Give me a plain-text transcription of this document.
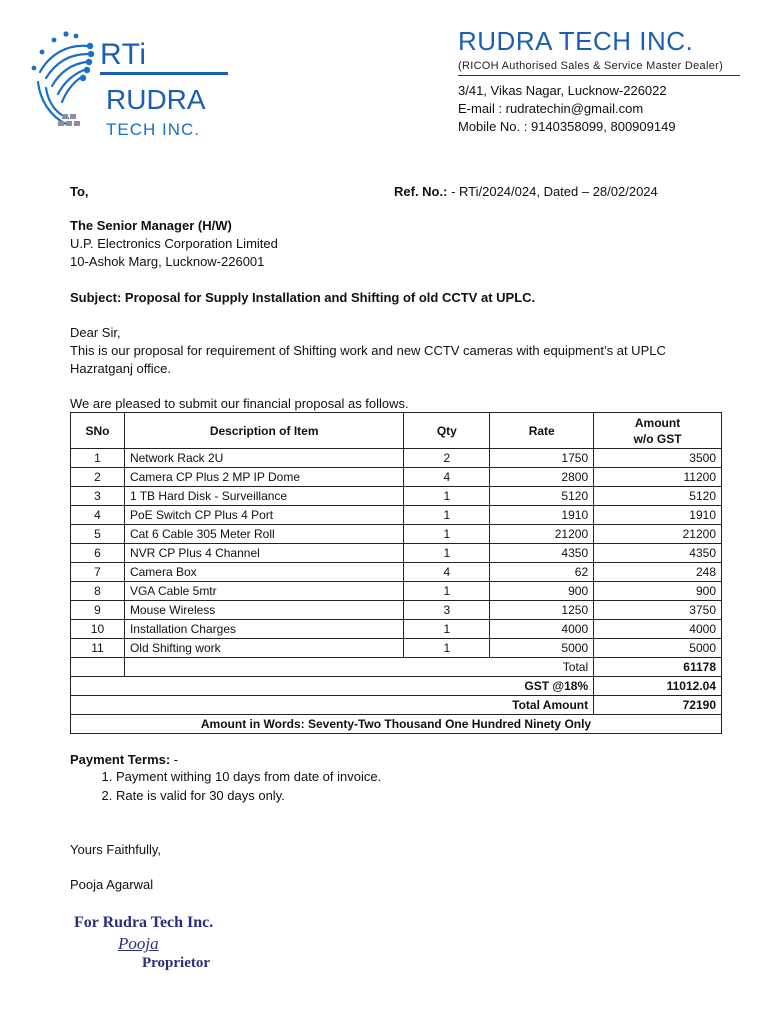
RTi
RUDRA
TECH INC.
RUDRA TECH INC.
(RICOH Authorised Sales & Service Master Dealer)
3/41, Vikas Nagar, Lucknow-226022
E-mail : rudratechin@gmail.com
Mobile No. : 9140358099, 800909149
To,	Ref. No.: - RTi/2024/024, Dated – 28/02/2024
The Senior Manager (H/W)
U.P. Electronics Corporation Limited
10-Ashok Marg, Lucknow-226001
Subject: Proposal for Supply Installation and Shifting of old CCTV at UPLC.
Dear Sir,
This is our proposal for requirement of Shifting work and new CCTV cameras with equipment’s at UPLC
Hazratganj office.
We are pleased to submit our financial proposal as follows.
SNo	Description of Item	Qty	Rate	Amount
w/o GST

1	Network Rack 2U	2	1750	3500
2	Camera CP Plus 2 MP IP Dome	4	2800	11200
3	1 TB Hard Disk - Surveillance	1	5120	5120
4	PoE Switch CP Plus 4 Port	1	1910	1910
5	Cat 6 Cable 305 Meter Roll	1	21200	21200
6	NVR CP Plus 4 Channel	1	4350	4350
7	Camera Box	4	62	248
8	VGA Cable 5mtr	1	900	900
9	Mouse Wireless	3	1250	3750
10	Installation Charges	1	4000	4000
11	Old Shifting work	1	5000	5000
	Total			61178
GST @18%				11012.04
Total Amount				72190
Amount in Words: Seventy-Two Thousand One Hundred Ninety Only				
Payment Terms: -
1. Payment withing 10 days from date of invoice.
2. Rate is valid for 30 days only.
Yours Faithfully,
Pooja Agarwal
For Rudra Tech Inc.
Pooja
Proprietor
